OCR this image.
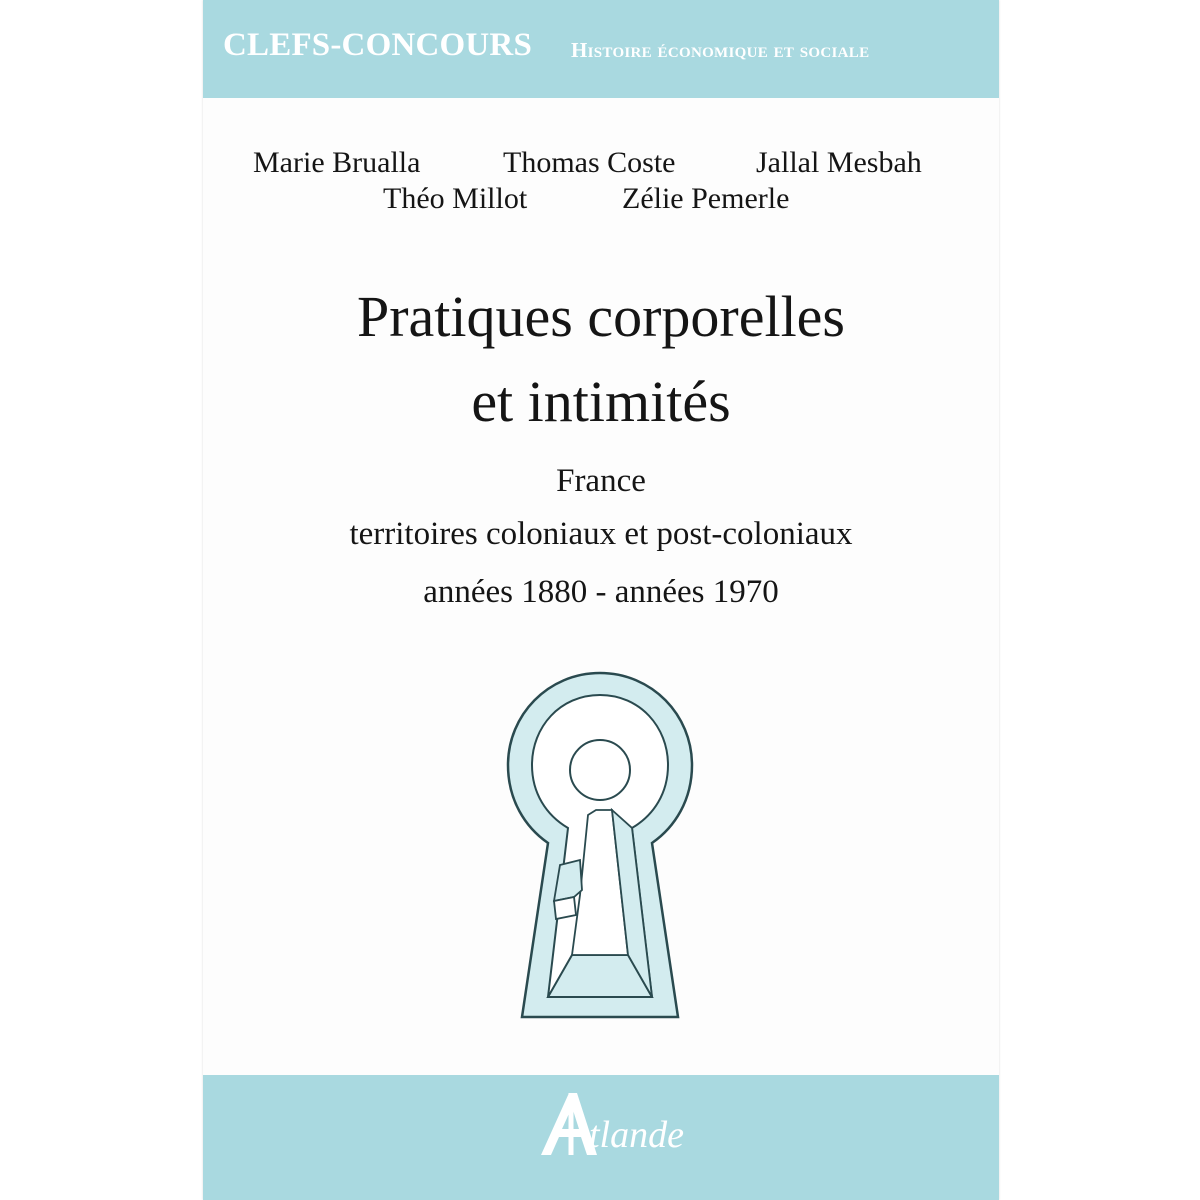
CLEFS-CONCOURS Histoire économique et sociale
Marie Brualla	Thomas Coste	Jallal Mesbah
Théo Millot	Zélie Pemerle
Pratiques corporelles
et intimités
France
territoires coloniaux et post-coloniaux
années 1880 - années 1970
tlande
